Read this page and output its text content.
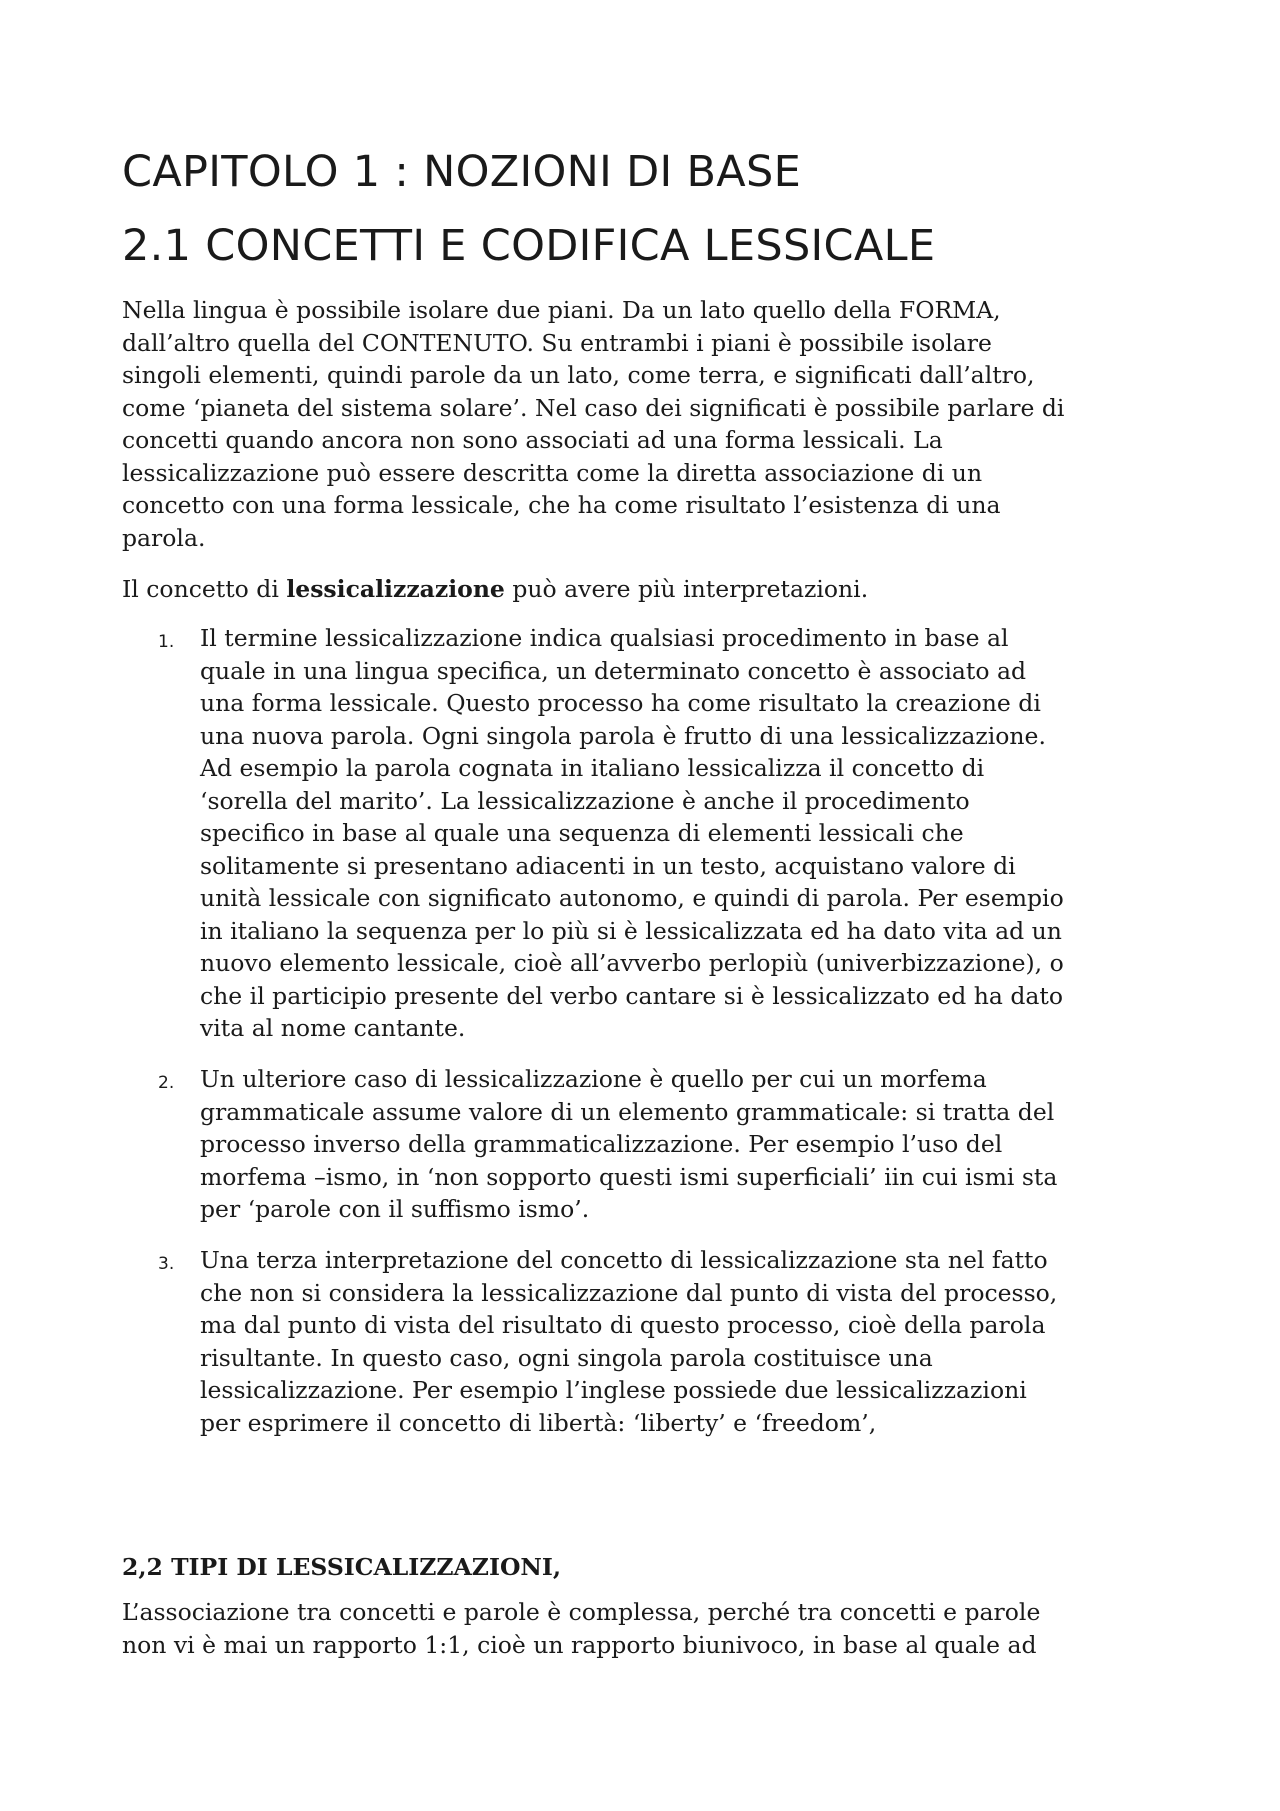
CAPITOLO 1 : NOZIONI DI BASE
2.1 CONCETTI E CODIFICA LESSICALE

Nella lingua è possibile isolare due piani. Da un lato quello della FORMA,
dall’altro quella del CONTENUTO. Su entrambi i piani è possibile isolare
singoli elementi, quindi parole da un lato, come terra, e significati dall’altro,
come ‘pianeta del sistema solare’. Nel caso dei significati è possibile parlare di
concetti quando ancora non sono associati ad una forma lessicali. La
lessicalizzazione può essere descritta come la diretta associazione di un
concetto con una forma lessicale, che ha come risultato l’esistenza di una
parola.

Il concetto di lessicalizzazione può avere più interpretazioni.

1. Il termine lessicalizzazione indica qualsiasi procedimento in base al
quale in una lingua specifica, un determinato concetto è associato ad
una forma lessicale. Questo processo ha come risultato la creazione di
una nuova parola. Ogni singola parola è frutto di una lessicalizzazione.
Ad esempio la parola cognata in italiano lessicalizza il concetto di
‘sorella del marito’. La lessicalizzazione è anche il procedimento
specifico in base al quale una sequenza di elementi lessicali che
solitamente si presentano adiacenti in un testo, acquistano valore di
unità lessicale con significato autonomo, e quindi di parola. Per esempio
in italiano la sequenza per lo più si è lessicalizzata ed ha dato vita ad un
nuovo elemento lessicale, cioè all’avverbo perlopiù (univerbizzazione), o
che il participio presente del verbo cantare si è lessicalizzato ed ha dato
vita al nome cantante.
2. Un ulteriore caso di lessicalizzazione è quello per cui un morfema
grammaticale assume valore di un elemento grammaticale: si tratta del
processo inverso della grammaticalizzazione. Per esempio l’uso del
morfema –ismo, in ‘non sopporto questi ismi superficiali’ iin cui ismi sta
per ‘parole con il suffismo ismo’.
3. Una terza interpretazione del concetto di lessicalizzazione sta nel fatto
che non si considera la lessicalizzazione dal punto di vista del processo,
ma dal punto di vista del risultato di questo processo, cioè della parola
risultante. In questo caso, ogni singola parola costituisce una
lessicalizzazione. Per esempio l’inglese possiede due lessicalizzazioni
per esprimere il concetto di libertà: ‘liberty’ e ‘freedom’,
2,2 TIPI DI LESSICALIZZAZIONI,

L’associazione tra concetti e parole è complessa, perché tra concetti e parole
non vi è mai un rapporto 1:1, cioè un rapporto biunivoco, in base al quale ad
